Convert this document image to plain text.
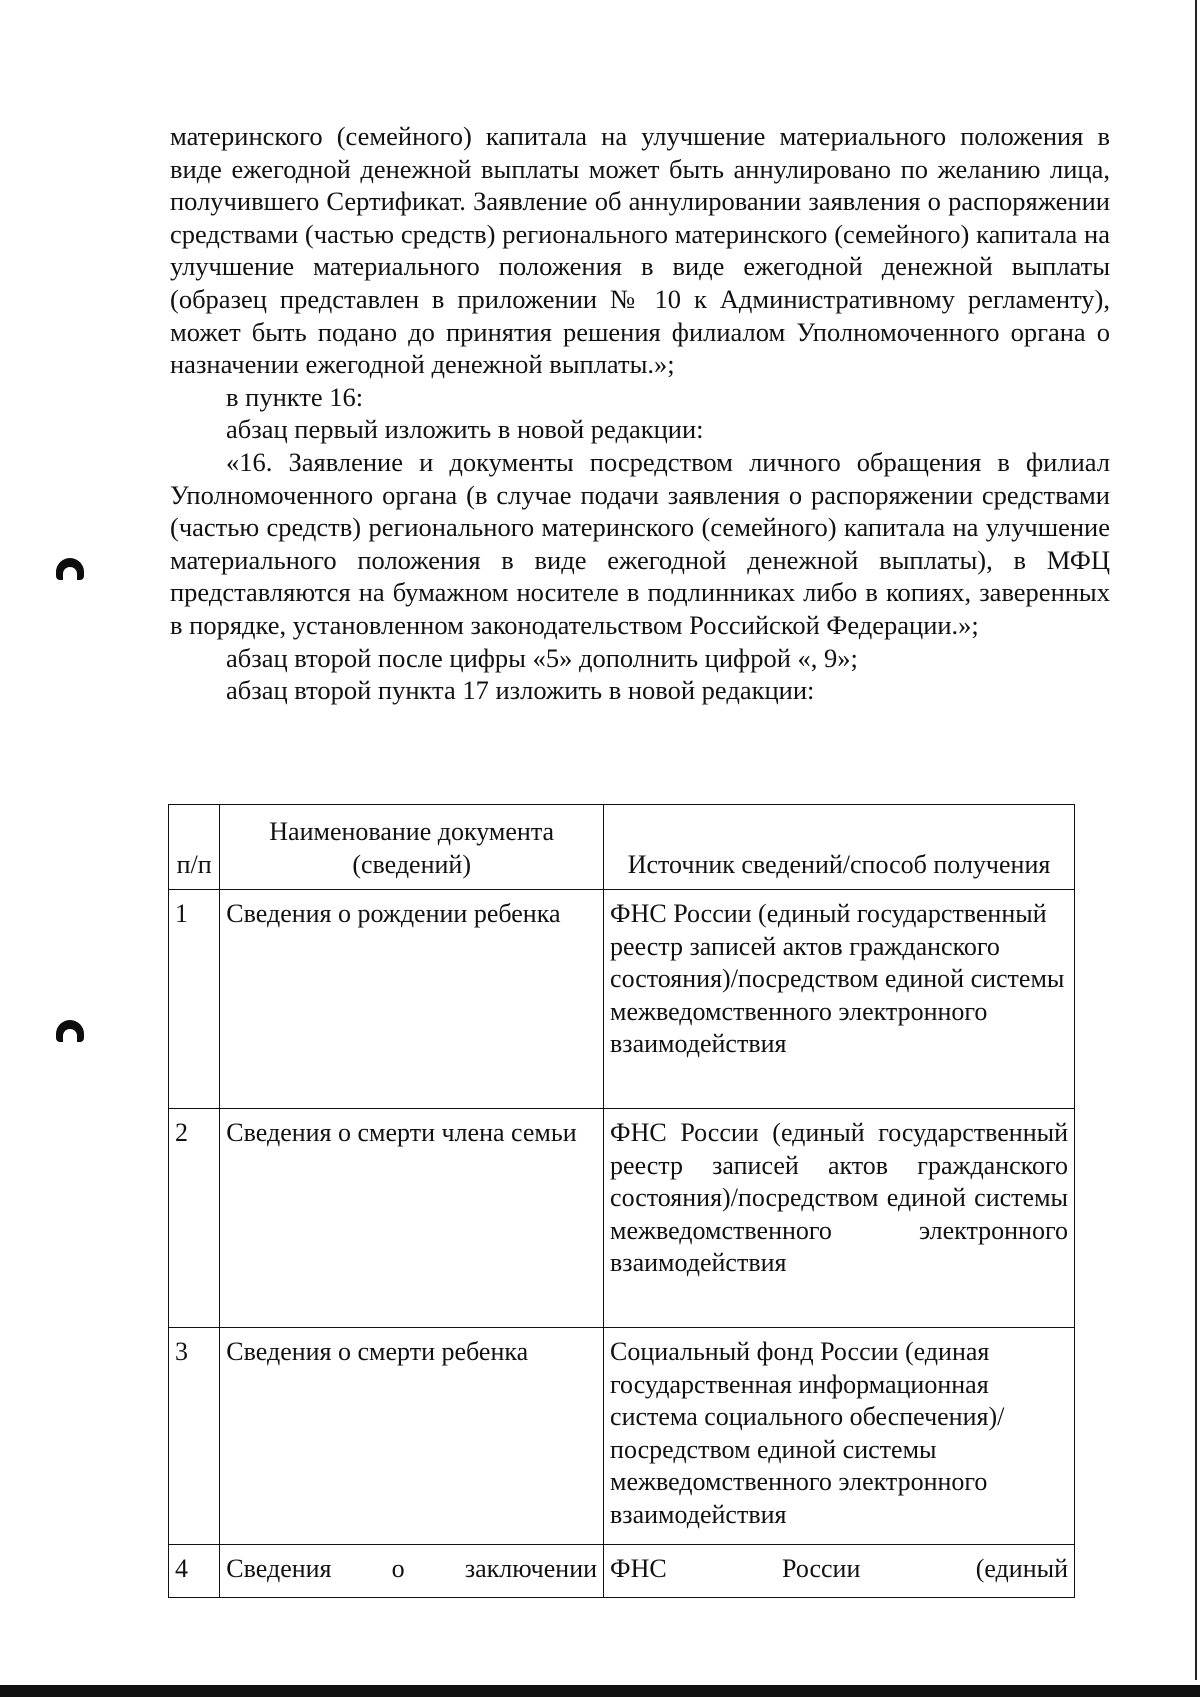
материнского (семейного) капитала на улучшение материального положения в виде ежегодной денежной выплаты может быть аннулировано по желанию лица, получившего Сертификат. Заявление об аннулировании заявления о распоряжении средствами (частью средств) регионального материнского (семейного) капитала на улучшение материального положения в виде ежегодной денежной выплаты (образец представлен в приложении № 10 к Административному регламенту), может быть подано до принятия решения филиалом Уполномоченного органа о назначении ежегодной денежной выплаты.»;

в пункте 16:

абзац первый изложить в новой редакции:

«16. Заявление и документы посредством личного обращения в филиал Уполномоченного органа (в случае подачи заявления о распоряжении средствами (частью средств) регионального материнского (семейного) капитала на улучшение материального положения в виде ежегодной денежной выплаты), в МФЦ представляются на бумажном носителе в подлинниках либо в копиях, заверенных в порядке, установленном законодательством Российской Федерации.»;

абзац второй после цифры «5» дополнить цифрой «, 9»;

абзац второй пункта 17 изложить в новой редакции:

п/п	Наименование документа (сведений)	Источник сведений/способ получения
1	Сведения о рождении ребенка	ФНС России (единый государственный реестр записей актов гражданского состояния)/посредством единой системы межведомственного электронного взаимодействия
2	Сведения о смерти члена семьи	ФНС России (единый государственный реестр записей актов гражданского состояния)/посредством единой системы межведомственного электронного взаимодействия
3	Сведения о смерти ребенка	Социальный фонд России (единая государственная информационная система социального обеспечения)/посредством единой системы межведомственного электронного взаимодействия
4	Сведения о заключении	ФНС России (единый
